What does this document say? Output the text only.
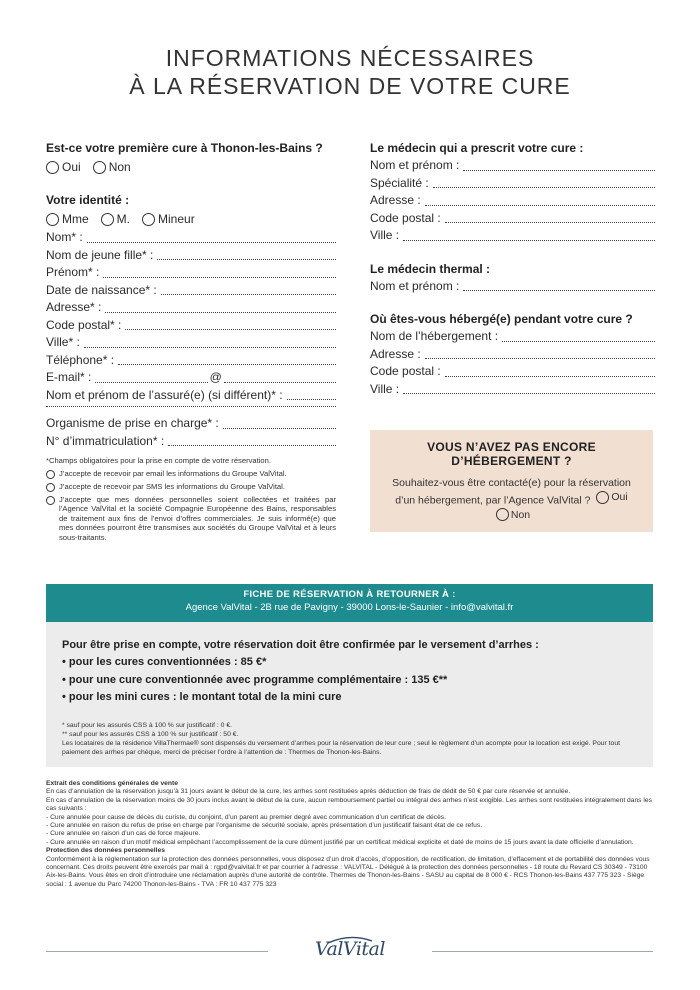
INFORMATIONS NÉCESSAIRES
À LA RÉSERVATION DE VOTRE CURE
Est-ce votre première cure à Thonon-les-Bains ?
Oui Non
Votre identité :
Mme M. Mineur
Nom* :
Nom de jeune fille* :
Prénom* :
Date de naissance* :
Adresse* :
Code postal* :
Ville* :
Téléphone* :
E-mail* :	@
Nom et prénom de l’assuré(e) (si différent)* :
Organisme de prise en charge* :
N° d’immatriculation* :
*Champs obligatoires pour la prise en compte de votre réservation.
J’accepte de recevoir par email les informations du Groupe ValVital.
J’accepte de recevoir par SMS les informations du Groupe ValVital.
J’accepte que mes données personnelles soient collectées et traitées par l’Agence ValVital et la société Compagnie Européenne des Bains, responsables de traitement aux fins de l’envoi d’offres commerciales. Je suis informé(e) que mes données pourront être transmises aux sociétés du Groupe ValVital et à leurs sous-traitants.
Le médecin qui a prescrit votre cure :
Nom et prénom :
Spécialité :
Adresse :
Code postal :
Ville :
Le médecin thermal :
Nom et prénom :
Où êtes-vous hébergé(e) pendant votre cure ?
Nom de l’hébergement :
Adresse :
Code postal :
Ville :
VOUS N’AVEZ PAS ENCORE
D’HÉBERGEMENT ?
Souhaitez-vous être contacté(e) pour la réservation d’un hébergement, par l’Agence ValVital ? Oui

Non
FICHE DE RÉSERVATION À RETOURNER À :
Agence ValVital - 2B rue de Pavigny - 39000 Lons-le-Saunier - info@valvital.fr
Pour être prise en compte, votre réservation doit être confirmée par le versement d’arrhes :
• pour les cures conventionnées : 85 €*
• pour une cure conventionnée avec programme complémentaire : 135 €**
• pour les mini cures : le montant total de la mini cure
* sauf pour les assurés CSS à 100 % sur justificatif : 0 €.
** sauf pour les assurés CSS à 100 % sur justificatif : 50 €.
Les locataires de la résidence VillaThermae® sont dispensés du versement d’arrhes pour la réservation de leur cure ; seul le règlement d’un acompte pour la location est exigé. Pour tout paiement des arrhes par chèque, merci de préciser l’ordre à l’attention de : Thermes de Thonon-les-Bains.
Extrait des conditions générales de vente
En cas d’annulation de la réservation jusqu’à 31 jours avant le début de la cure, les arrhes sont restituées après déduction de frais de dédit de 50 € par cure réservée et annulée.
En cas d’annulation de la réservation moins de 30 jours inclus avant le début de la cure, aucun remboursement partiel ou intégral des arrhes n’est exigible. Les arrhes sont restituées intégralement dans les cas suivants :
- Cure annulée pour cause de décès du curiste, du conjoint, d’un parent au premier degré avec communication d’un certificat de décès.
- Cure annulée en raison du refus de prise en charge par l’organisme de sécurité sociale, après présentation d’un justificatif faisant état de ce refus.
- Cure annulée en raison d’un cas de force majeure.
- Cure annulée en raison d’un motif médical empêchant l’accomplissement de la cure dûment justifié par un certificat médical explicite et daté de moins de 15 jours avant la date officielle d’annulation.
Protection des données personnelles
Conformément à la réglementation sur la protection des données personnelles, vous disposez d’un droit d’accès, d’opposition, de rectification, de limitation, d’effacement et de portabilité des données vous concernant. Ces droits peuvent être exercés par mail à : rgpd@valvital.fr et par courrier à l’adresse : VALVITAL - Délégué à la protection des données personnelles - 18 route du Revard CS 30349 - 73100 Aix-les-Bains. Vous êtes en droit d’introduire une réclamation auprès d’une autorité de contrôle. Thermes de Thonon-les-Bains - SASU au capital de 8 000 € - RCS Thonon-les-Bains 437 775 323 - Siège social : 1 avenue du Parc 74200 Thonon-les-Bains - TVA : FR 10 437 775 323
ValVital
